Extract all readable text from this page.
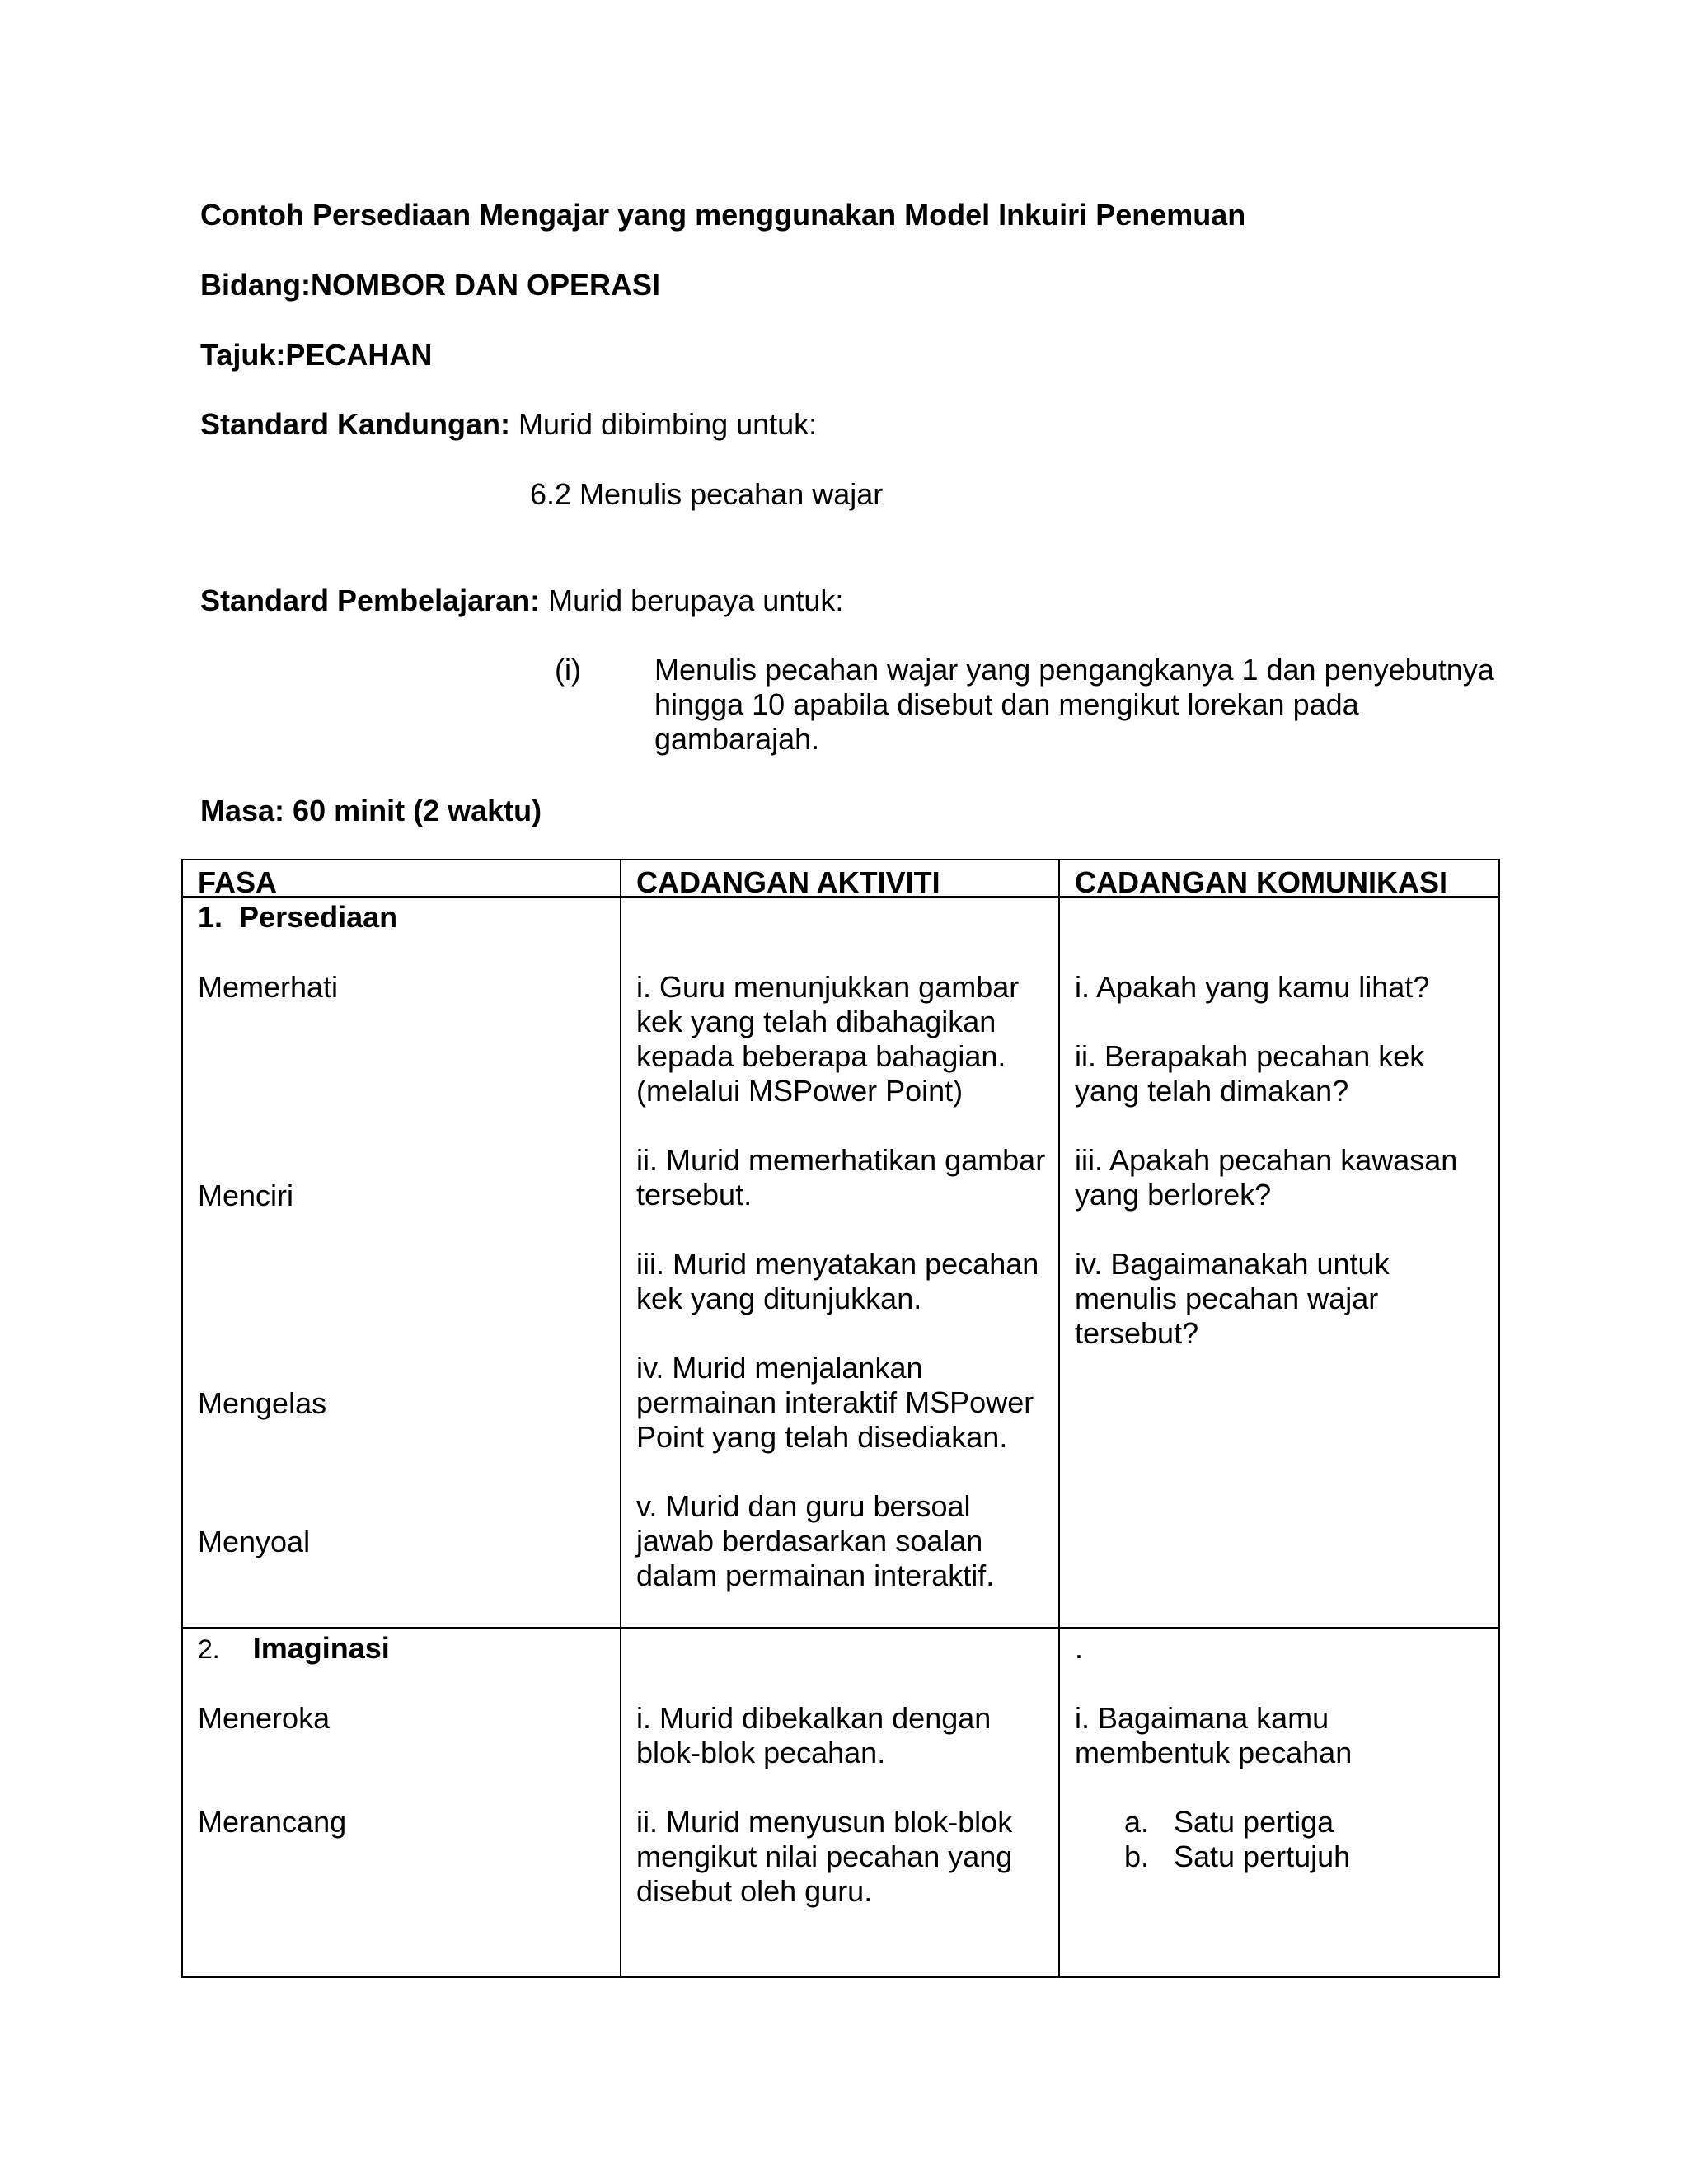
Contoh Persediaan Mengajar yang menggunakan Model Inkuiri Penemuan
Bidang:NOMBOR DAN OPERASI
Tajuk:PECAHAN
Standard Kandungan: Murid dibimbing untuk:
6.2 Menulis pecahan wajar
Standard Pembelajaran: Murid berupaya untuk:
(i) Menulis pecahan wajar yang pengangkanya 1 dan penyebutnya hingga 10 apabila disebut dan mengikut lorekan pada gambarajah.
Masa: 60 minit (2 waktu)
FASA	CADANGAN AKTIVITI	CADANGAN KOMUNIKASI
1. Persediaan
Memerhati
Menciri
Mengelas
Menyoal

i. Guru menunjukkan gambar kek yang telah dibahagikan kepada beberapa bahagian. (melalui MSPower Point)

ii. Murid memerhatikan gambar tersebut.

iii. Murid menyatakan pecahan kek yang ditunjukkan.

iv. Murid menjalankan permainan interaktif MSPower Point yang telah disediakan.

v. Murid dan guru bersoal jawab berdasarkan soalan dalam permainan interaktif.

i. Apakah yang kamu lihat?

ii. Berapakah pecahan kek yang telah dimakan?

iii. Apakah pecahan kawasan yang berlorek?

iv. Bagaimanakah untuk menulis pecahan wajar tersebut?

2. Imaginasi
Meneroka
Merancang

i. Murid dibekalkan dengan blok-blok pecahan.

ii. Murid menyusun blok-blok mengikut nilai pecahan yang disebut oleh guru.

.

i. Bagaimana kamu membentuk pecahan

a. Satu pertiga
b. Satu pertujuh
